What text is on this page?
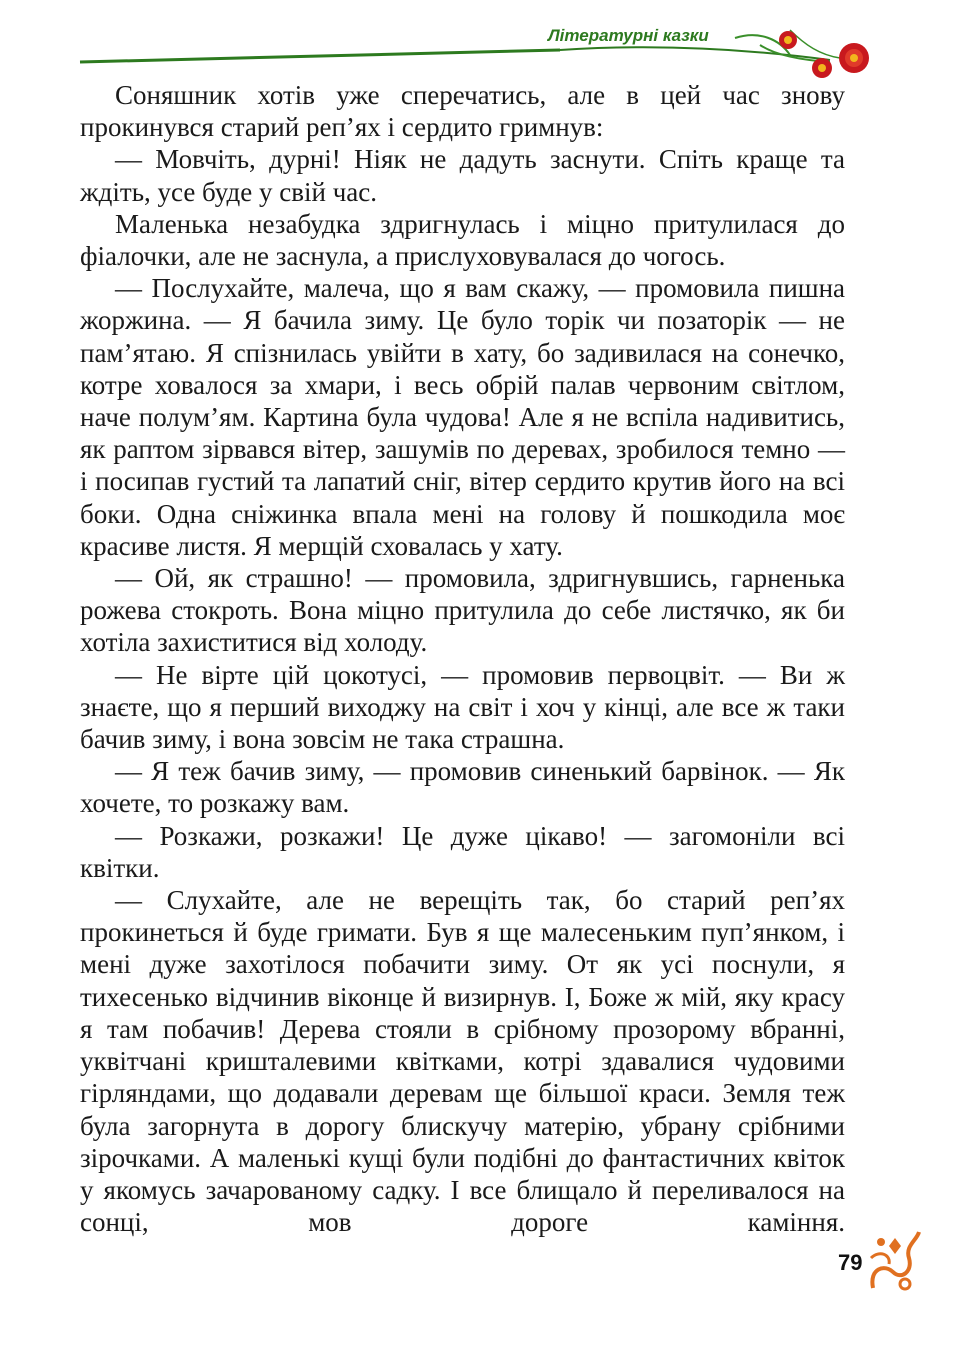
Літературні казки

Соняшник хотів уже сперечатись, але в цей час знову прокинувся старий реп’ях і сердито гримнув:

— Мовчіть, дурні! Ніяк не дадуть заснути. Спіть краще та ждіть, усе буде у свій час.

Маленька незабудка здригнулась і міцно притулилася до фіалочки, але не заснула, а прислуховувалася до чогось.

— Послухайте, малеча, що я вам скажу, — промовила пишна жоржина. — Я бачила зиму. Це було торік чи позаторік — не пам’ятаю. Я спізнилась увійти в хату, бо задивилася на сонечко, котре ховалося за хмари, і весь обрій палав червоним світлом, наче полум’ям. Картина була чудова! Але я не вспіла надивитись, як раптом зірвався вітер, зашумів по деревах, зробилося темно — і посипав густий та лапатий сніг, вітер сердито крутив його на всі боки. Одна сніжинка впала мені на голову й пошкодила моє красиве листя. Я мерщій сховалась у хату.

— Ой, як страшно! — промовила, здригнувшись, гарненька рожева стокроть. Вона міцно притулила до себе листячко, як би хотіла захиститися від холоду.

— Не вірте цій цокотусі, — промовив первоцвіт. — Ви ж знаєте, що я перший виходжу на світ і хоч у кінці, але все ж таки бачив зиму, і вона зовсім не така страшна.

— Я теж бачив зиму, — промовив синенький барвінок. — Як хочете, то розкажу вам.

— Розкажи, розкажи! Це дуже цікаво! — загомоніли всі квітки.

— Слухайте, але не верещіть так, бо старий реп’ях прокинеться й буде гримати. Був я ще малесеньким пуп’янком, і мені дуже захотілося побачити зиму. От як усі поснули, я тихесенько відчинив віконце й визирнув. І, Боже ж мій, яку красу я там побачив! Дерева стояли в срібному прозорому вбранні, уквітчані кришталевими квітками, котрі здавалися чудовими гірляндами, що додавали деревам ще більшої краси. Земля теж була загорнута в дорогу блискучу матерію, убрану срібними зірочками. А маленькі кущі були подібні до фантастичних квіток у якомусь зачарованому садку. І все блищало й переливалося на сонці, мов дороге каміння.

79
